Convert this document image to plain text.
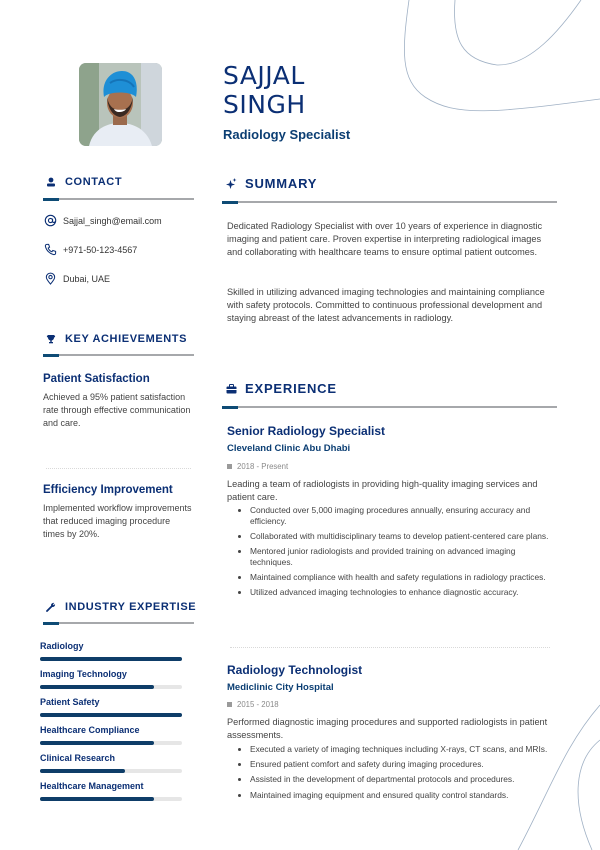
SAJJAL
SINGH
Radiology Specialist
CONTACT
Sajjal_singh@email.com
+971-50-123-4567
Dubai, UAE
KEY ACHIEVEMENTS
Patient Satisfaction
Achieved a 95% patient satisfaction rate through effective communication and care.
Efficiency Improvement
Implemented workflow improvements that reduced imaging procedure times by 20%.
INDUSTRY EXPERTISE
Radiology
Imaging Technology
Patient Safety
Healthcare Compliance
Clinical Research
Healthcare Management
SUMMARY
Dedicated Radiology Specialist with over 10 years of experience in diagnostic imaging and patient care. Proven expertise in interpreting radiological images and collaborating with healthcare teams to ensure optimal patient outcomes.
Skilled in utilizing advanced imaging technologies and maintaining compliance with safety protocols. Committed to continuous professional development and staying abreast of the latest advancements in radiology.
EXPERIENCE
Senior Radiology Specialist
Cleveland Clinic Abu Dhabi
2018 - Present
Leading a team of radiologists in providing high-quality imaging services and patient care.
Conducted over 5,000 imaging procedures annually, ensuring accuracy and efficiency.
Collaborated with multidisciplinary teams to develop patient-centered care plans.
Mentored junior radiologists and provided training on advanced imaging techniques.
Maintained compliance with health and safety regulations in radiology practices.
Utilized advanced imaging technologies to enhance diagnostic accuracy.
Radiology Technologist
Mediclinic City Hospital
2015 - 2018
Performed diagnostic imaging procedures and supported radiologists in patient assessments.
Executed a variety of imaging techniques including X-rays, CT scans, and MRIs.
Ensured patient comfort and safety during imaging procedures.
Assisted in the development of departmental protocols and procedures.
Maintained imaging equipment and ensured quality control standards.
